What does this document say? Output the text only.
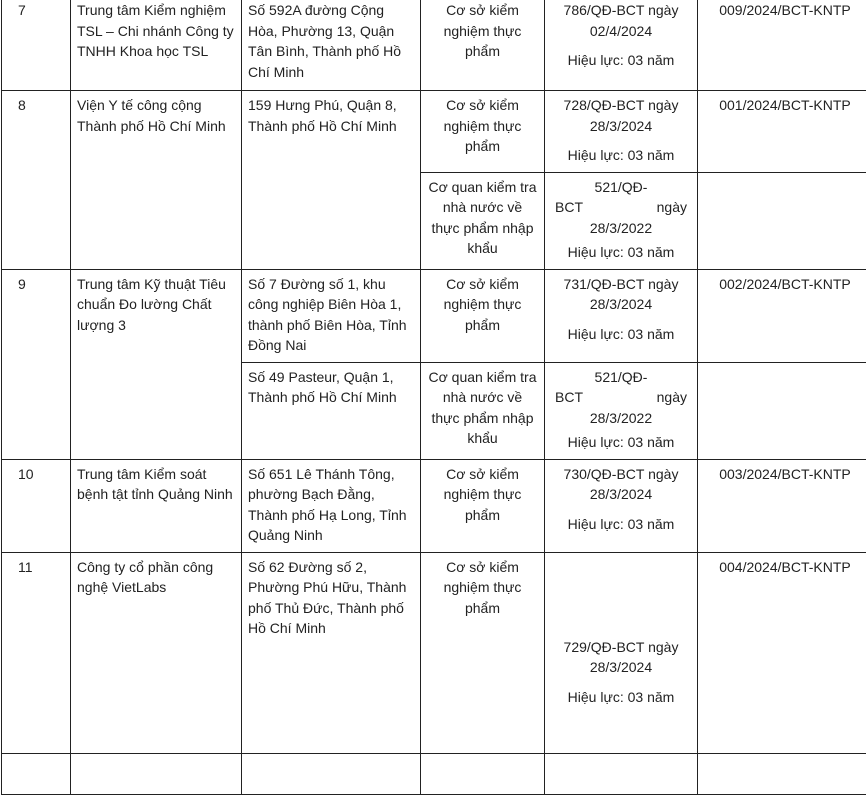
7	Trung tâm Kiểm nghiệm TSL – Chi nhánh Công ty TNHH Khoa học TSL	Số 592A đường Cộng Hòa, Phường 13, Quận Tân Bình, Thành phố Hồ Chí Minh	Cơ sở kiểm nghiệm thực phẩm	786/QĐ-BCT ngày
02/4/2024
Hiệu lực: 03 năm	009/2024/BCT-KNTP
8	Viện Y tế công cộng Thành phố Hồ Chí Minh	159 Hưng Phú, Quận 8, Thành phố Hồ Chí Minh	Cơ sở kiểm nghiệm thực phẩm	728/QĐ-BCT ngày
28/3/2024
Hiệu lực: 03 năm	001/2024/BCT-KNTP
			Cơ quan kiểm tra nhà nước về thực phẩm nhập khẩu	521/QĐ-
BCT ngày
28/3/2022
Hiệu lực: 03 năm	

9	Trung tâm Kỹ thuật Tiêu chuẩn Đo lường Chất lượng 3	Số 7 Đường số 1, khu công nghiệp Biên Hòa 1, thành phố Biên Hòa, Tỉnh Đồng Nai	Cơ sở kiểm nghiệm thực phẩm	731/QĐ-BCT ngày
28/3/2024
Hiệu lực: 03 năm	002/2024/BCT-KNTP
		Số 49 Pasteur, Quận 1, Thành phố Hồ Chí Minh	Cơ quan kiểm tra nhà nước về thực phẩm nhập khẩu	521/QĐ-
BCT ngày
28/3/2022
Hiệu lực: 03 năm	

10	Trung tâm Kiểm soát bệnh tật tỉnh Quảng Ninh	Số 651 Lê Thánh Tông, phường Bạch Đằng, Thành phố Hạ Long, Tỉnh Quảng Ninh	Cơ sở kiểm nghiệm thực phẩm	730/QĐ-BCT ngày
28/3/2024
Hiệu lực: 03 năm	003/2024/BCT-KNTP
11	Công ty cổ phần công nghệ VietLabs	Số 62 Đường số 2, Phường Phú Hữu, Thành phố Thủ Đức, Thành phố Hồ Chí Minh	Cơ sở kiểm nghiệm thực phẩm	729/QĐ-BCT ngày
28/3/2024
Hiệu lực: 03 năm	004/2024/BCT-KNTP
